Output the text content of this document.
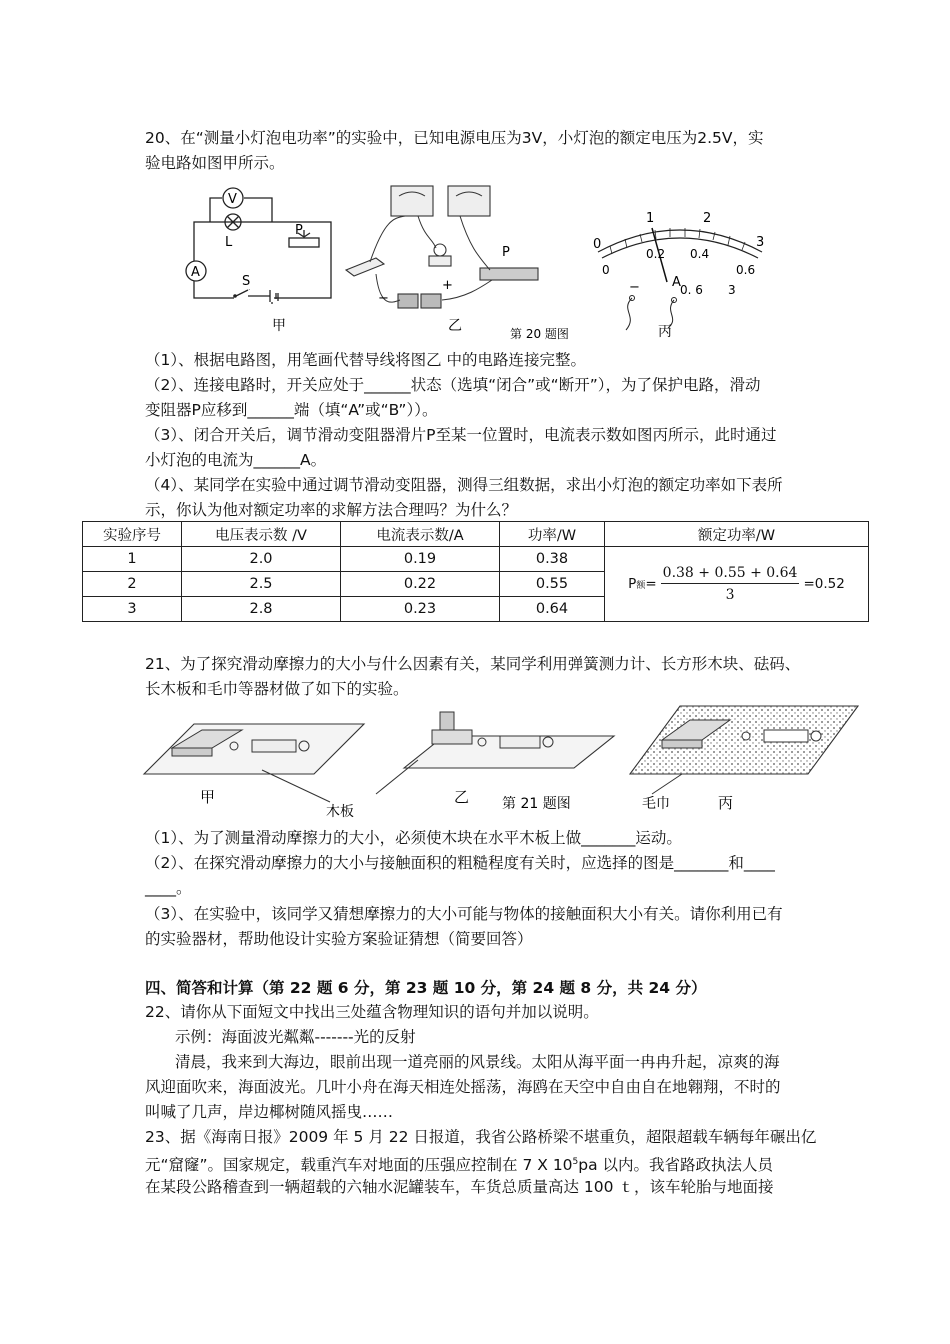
20、在“测量小灯泡电功率”的实验中，已知电源电压为3V，小灯泡的额定电压为2.5V，实

验电路如图甲所示。

V
A
L
S
P
甲
−
+
P
乙	第 20 题图
0
1	2
3
0
0.2 0.4
0.6
A 0. 6 3
−
丙

（1）、根据电路图，用笔画代替导线将图乙 中的电路连接完整。

（2）、连接电路时，开关应处于______状态（选填“闭合”或“断开”），为了保护电路，滑动

变阻器P应移到______端（填“A”或“B”））。

（3）、闭合开关后，调节滑动变阻器滑片P至某一位置时，电流表示数如图丙所示，此时通过

小灯泡的电流为______A。

（4）、某同学在实验中通过调节滑动变阻器，测得三组数据，求出小灯泡的额定功率如下表所

示，你认为他对额定功率的求解方法合理吗？为什么？

实验序号	电压表示数 /V	电流表示数/A	功率/W	额定功率/W
1	2.0	0.19	0.38	P额= $\frac{0.38 + 0.55 + 0.64}{3} =0.52$

2	2.5	0.22	0.55	
3	2.8	0.23	0.64	

21、为了探究滑动摩擦力的大小与什么因素有关，某同学利用弹簧测力计、长方形木块、砝码、

长木板和毛巾等器材做了如下的实验。

甲
木板
乙 第 21 题图	毛巾	丙

（1）、为了测量滑动摩擦力的大小，必须使木块在水平木板上做_______运动。

（2）、在探究滑动摩擦力的大小与接触面积的粗糙程度有关时，应选择的图是_______和____

____。

（3）、在实验中，该同学又猜想摩擦力的大小可能与物体的接触面积大小有关。请你利用已有

的实验器材，帮助他设计实验方案验证猜想（简要回答）

四、简答和计算（第 22 题 6 分，第 23 题 10 分，第 24 题 8 分，共 24 分）

22、请你从下面短文中找出三处蕴含物理知识的语句并加以说明。

示例：海面波光粼粼-------光的反射

清晨，我来到大海边，眼前出现一道亮丽的风景线。太阳从海平面一冉冉升起，凉爽的海

风迎面吹来，海面波光。几叶小舟在海天相连处摇荡，海鸥在天空中自由自在地翱翔，不时的

叫喊了几声，岸边椰树随风摇曳……

23、据《海南日报》2009 年 5 月 22 日报道，我省公路桥梁不堪重负，超限超载车辆每年碾出亿

元“窟窿”。国家规定，载重汽车对地面的压强应控制在 7 X $10^5pa$ 以内。我省路政执法人员

在某段公路稽查到一辆超载的六轴水泥罐装车，车货总质量高达 100 ｔ，该车轮胎与地面接
